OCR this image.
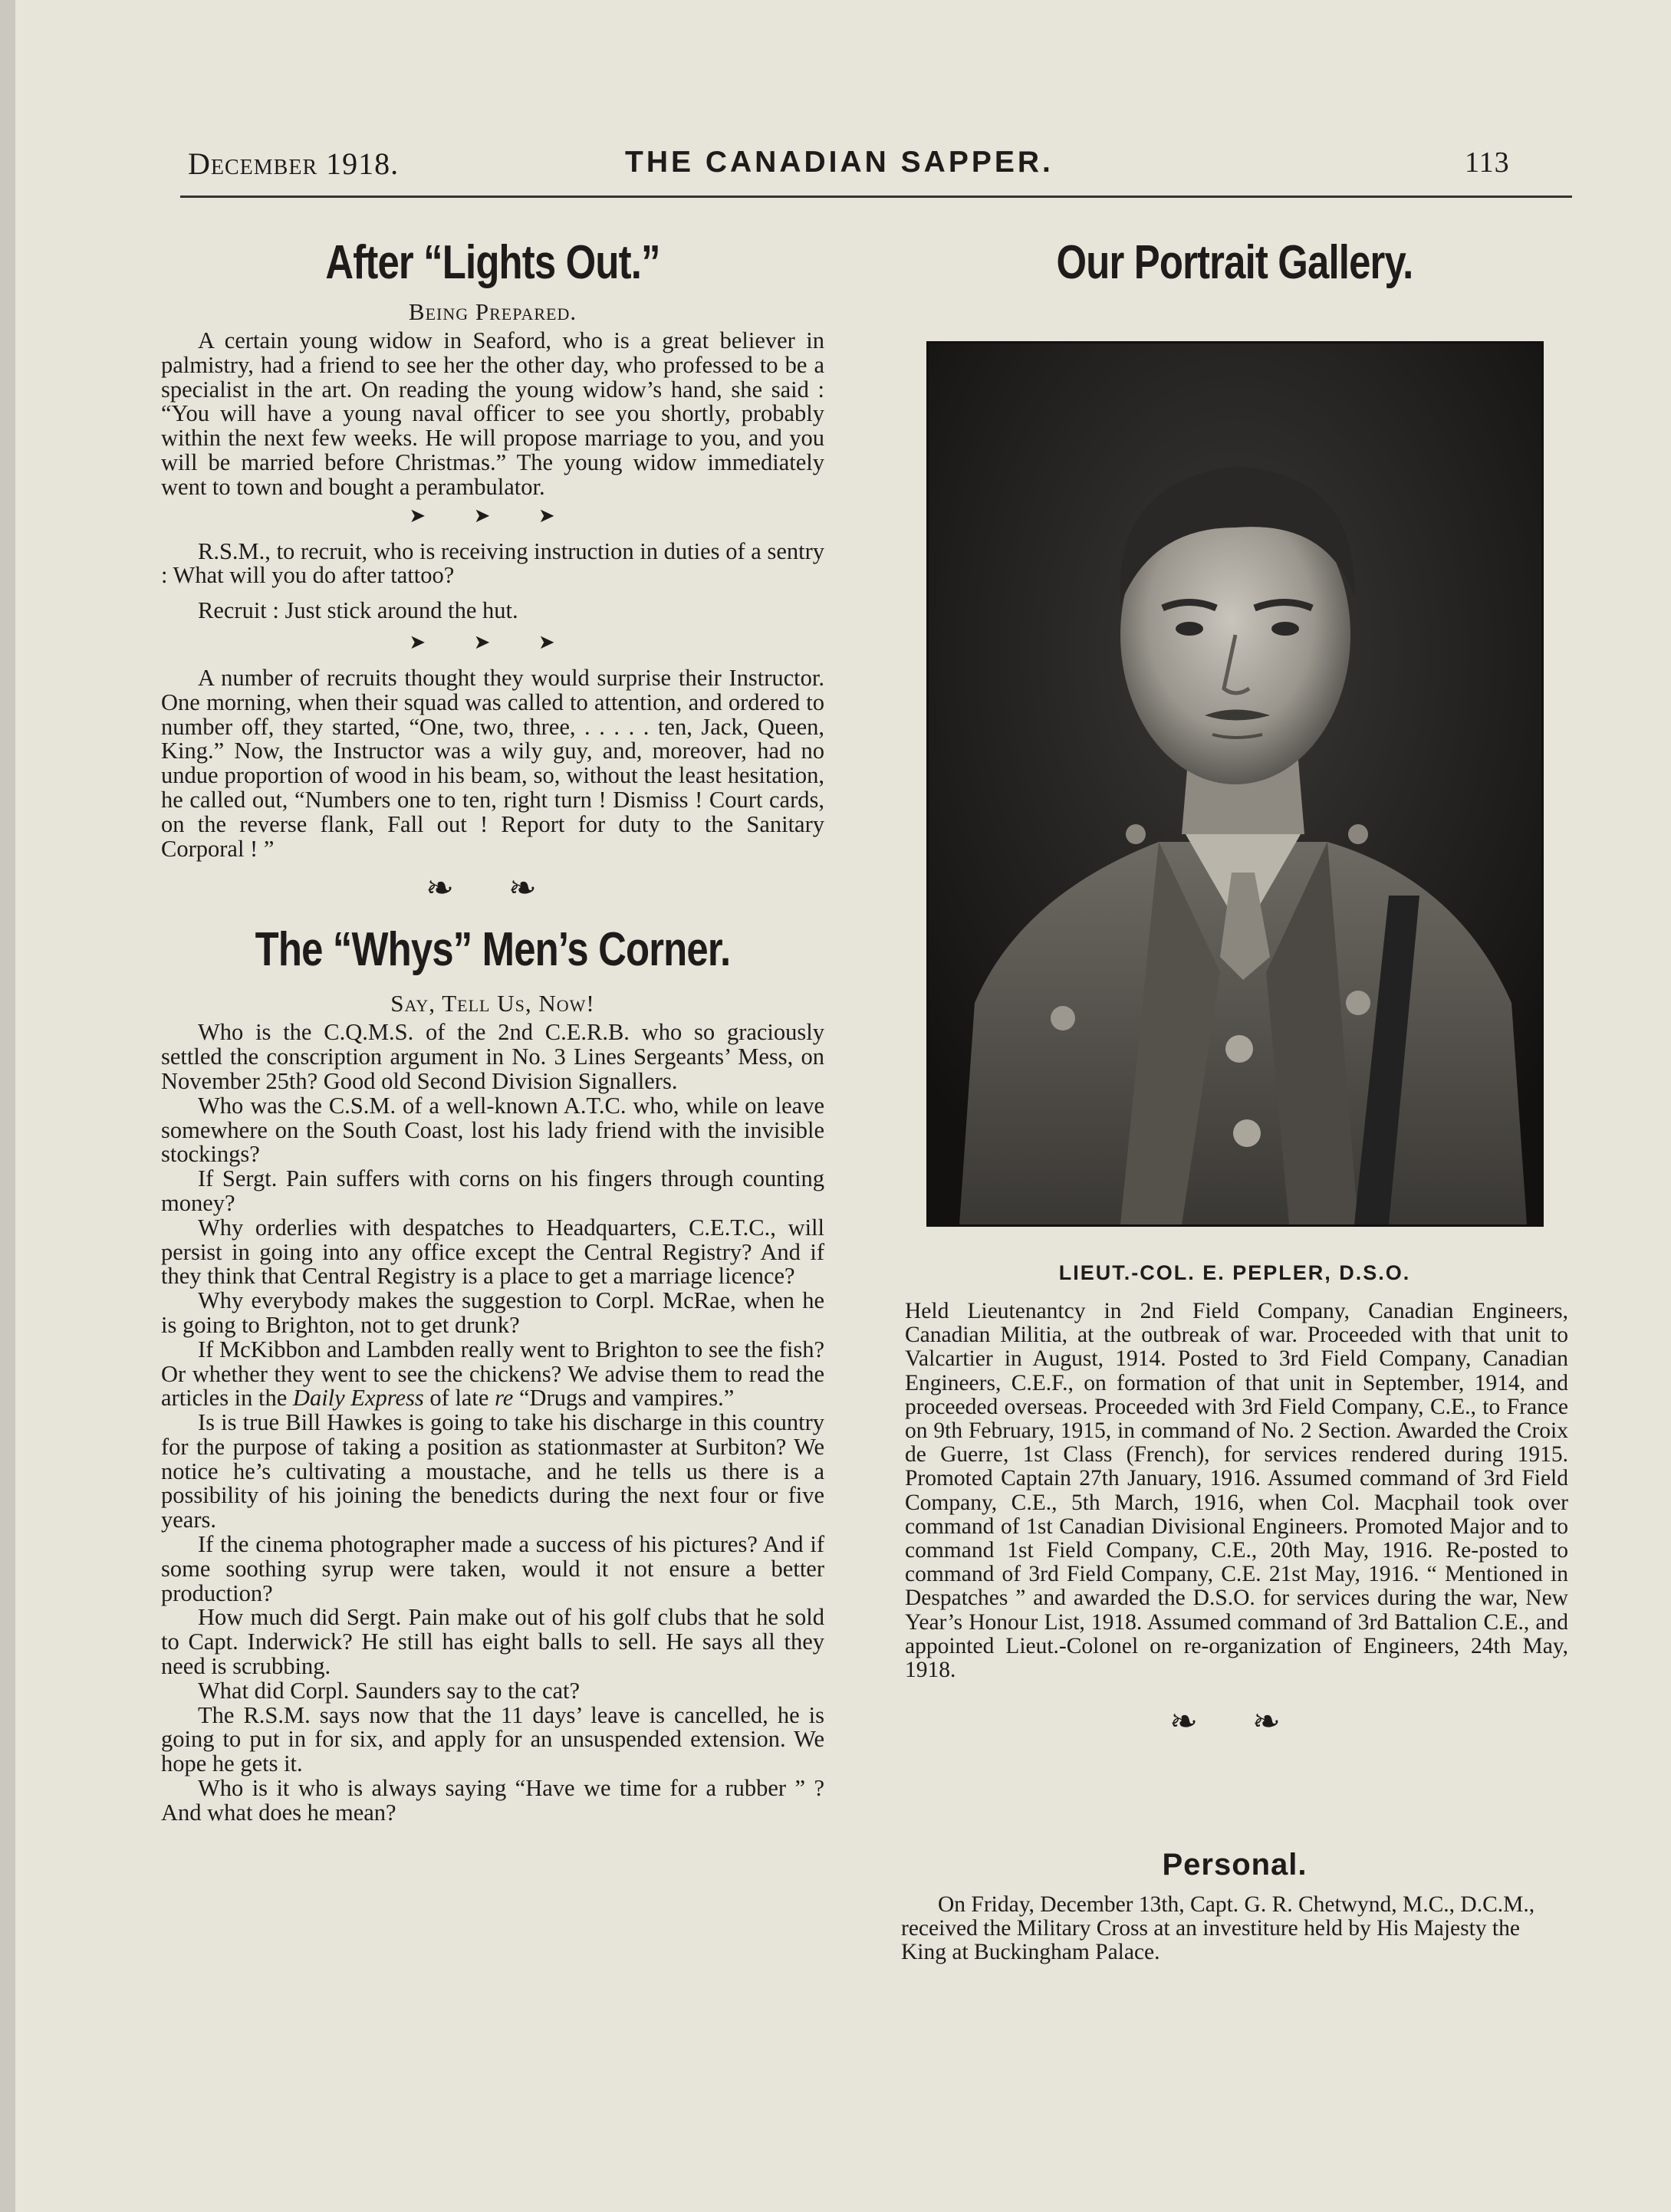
December 1918.	THE CANADIAN SAPPER.	113
After “Lights Out.”
Being Prepared.

A certain young widow in Seaford, who is a great believer in palmistry, had a friend to see her the other day, who professed to be a specialist in the art. On reading the young widow’s hand, she said : “You will have a young naval officer to see you shortly, probably within the next few weeks. He will propose marriage to you, and you will be married before Christmas.” The young widow immediately went to town and bought a perambulator.

➤ ➤ ➤

R.S.M., to recruit, who is receiving instruction in duties of a sentry : What will you do after tattoo?

Recruit : Just stick around the hut.

➤ ➤ ➤

A number of recruits thought they would surprise their Instructor. One morning, when their squad was called to attention, and ordered to number off, they started, “One, two, three, . . . . . ten, Jack, Queen, King.” Now, the Instructor was a wily guy, and, moreover, had no undue proportion of wood in his beam, so, without the least hesitation, he called out, “Numbers one to ten, right turn ! Dismiss ! Court cards, on the reverse flank, Fall out ! Report for duty to the Sanitary Corporal ! ”

❧ ❧
The “Whys” Men’s Corner.
Say, Tell Us, Now!

Who is the C.Q.M.S. of the 2nd C.E.R.B. who so graciously settled the conscription argument in No. 3 Lines Sergeants’ Mess, on November 25th? Good old Second Division Signallers.

Who was the C.S.M. of a well-known A.T.C. who, while on leave somewhere on the South Coast, lost his lady friend with the invisible stockings?

If Sergt. Pain suffers with corns on his fingers through counting money?

Why orderlies with despatches to Headquarters, C.E.T.C., will persist in going into any office except the Central Registry? And if they think that Central Registry is a place to get a marriage licence?

Why everybody makes the suggestion to Corpl. McRae, when he is going to Brighton, not to get drunk?

If McKibbon and Lambden really went to Brighton to see the fish? Or whether they went to see the chickens? We advise them to read the articles in the Daily Express of late re “Drugs and vampires.”

Is is true Bill Hawkes is going to take his discharge in this country for the purpose of taking a position as stationmaster at Surbiton? We notice he’s cultivating a moustache, and he tells us there is a possibility of his joining the benedicts during the next four or five years.

If the cinema photographer made a success of his pictures? And if some soothing syrup were taken, would it not ensure a better production?

How much did Sergt. Pain make out of his golf clubs that he sold to Capt. Inderwick? He still has eight balls to sell. He says all they need is scrubbing.

What did Corpl. Saunders say to the cat?

The R.S.M. says now that the 11 days’ leave is cancelled, he is going to put in for six, and apply for an unsuspended extension. We hope he gets it.

Who is it who is always saying “Have we time for a rubber ” ? And what does he mean?

Our Portrait Gallery.
LIEUT.-COL. E. PEPLER, D.S.O.

Held Lieutenantcy in 2nd Field Company, Canadian Engineers, Canadian Militia, at the outbreak of war. Proceeded with that unit to Valcartier in August, 1914. Posted to 3rd Field Company, Canadian Engineers, C.E.F., on formation of that unit in September, 1914, and proceeded overseas. Proceeded with 3rd Field Company, C.E., to France on 9th February, 1915, in command of No. 2 Section. Awarded the Croix de Guerre, 1st Class (French), for services rendered during 1915. Promoted Captain 27th January, 1916. Assumed command of 3rd Field Company, C.E., 5th March, 1916, when Col. Macphail took over command of 1st Canadian Divisional Engineers. Promoted Major and to command 1st Field Company, C.E., 20th May, 1916. Re-posted to command of 3rd Field Company, C.E. 21st May, 1916. “ Mentioned in Despatches ” and awarded the D.S.O. for services during the war, New Year’s Honour List, 1918. Assumed command of 3rd Battalion C.E., and appointed Lieut.-Colonel on re-organization of Engineers, 24th May, 1918.

❧ ❧
Personal.

On Friday, December 13th, Capt. G. R. Chetwynd, M.C., D.C.M., received the Military Cross at an investiture held by His Majesty the King at Buckingham Palace.
